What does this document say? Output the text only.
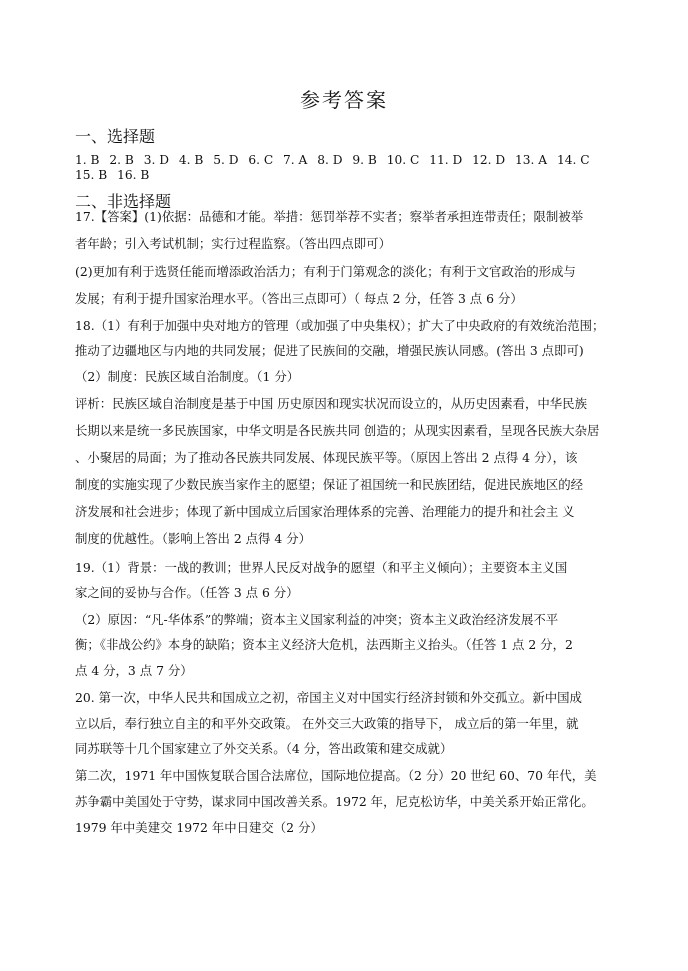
参考答案
一、选择题
1. B 2. B 3. D 4. B 5. D 6. C 7. A 8. D 9. B 10. C 11. D 12. D 13. A 14. C 15. B 16. B
二、非选择题
17.【答案】(1)依据：品德和才能。举措：惩罚举荐不实者；察举者承担连带责任；限制被举
者年龄；引入考试机制；实行过程监察。（答出四点即可）
(2)更加有利于选贤任能而增添政治活力；有利于门第观念的淡化；有利于文官政治的形成与
发展；有利于提升国家治理水平。（答出三点即可）（ 每点 2 分，任答 3 点 6 分）
18.（1）有利于加强中央对地方的管理（或加强了中央集权）；扩大了中央政府的有效统治范围；
推动了边疆地区与内地的共同发展；促进了民族间的交融，增强民族认同感。(答出 3 点即可)
（2）制度：民族区域自治制度。（1 分）
评析：民族区域自治制度是基于中国 历史原因和现实状况而设立的，从历史因素看，中华民族
长期以来是统一多民族国家，中华文明是各民族共同 创造的；从现实因素看，呈现各民族大杂居
、小聚居的局面；为了推动各民族共同发展、体现民族平等。（原因上答出 2 点得 4 分），该
制度的实施实现了少数民族当家作主的愿望；保证了祖国统一和民族团结，促进民族地区的经
济发展和社会进步；体现了新中国成立后国家治理体系的完善、治理能力的提升和社会主 义
制度的优越性。（影响上答出 2 点得 4 分）
19.（1）背景：一战的教训；世界人民反对战争的愿望（和平主义倾向）；主要资本主义国
家之间的妥协与合作。（任答 3 点 6 分）
（2）原因：“凡-华体系”的弊端；资本主义国家利益的冲突；资本主义政治经济发展不平
衡；《非战公约》本身的缺陷；资本主义经济大危机，法西斯主义抬头。（任答 1 点 2 分，2
点 4 分，3 点 7 分）
20. 第一次，中华人民共和国成立之初，帝国主义对中国实行经济封锁和外交孤立。新中国成
立以后，奉行独立自主的和平外交政策。 在外交三大政策的指导下， 成立后的第一年里，就
同苏联等十几个国家建立了外交关系。（4 分，答出政策和建交成就）
第二次，1971 年中国恢复联合国合法席位，国际地位提高。（2 分）20 世纪 60、70 年代，美
苏争霸中美国处于守势，谋求同中国改善关系。1972 年，尼克松访华，中美关系开始正常化。
1979 年中美建交 1972 年中日建交（2 分）
